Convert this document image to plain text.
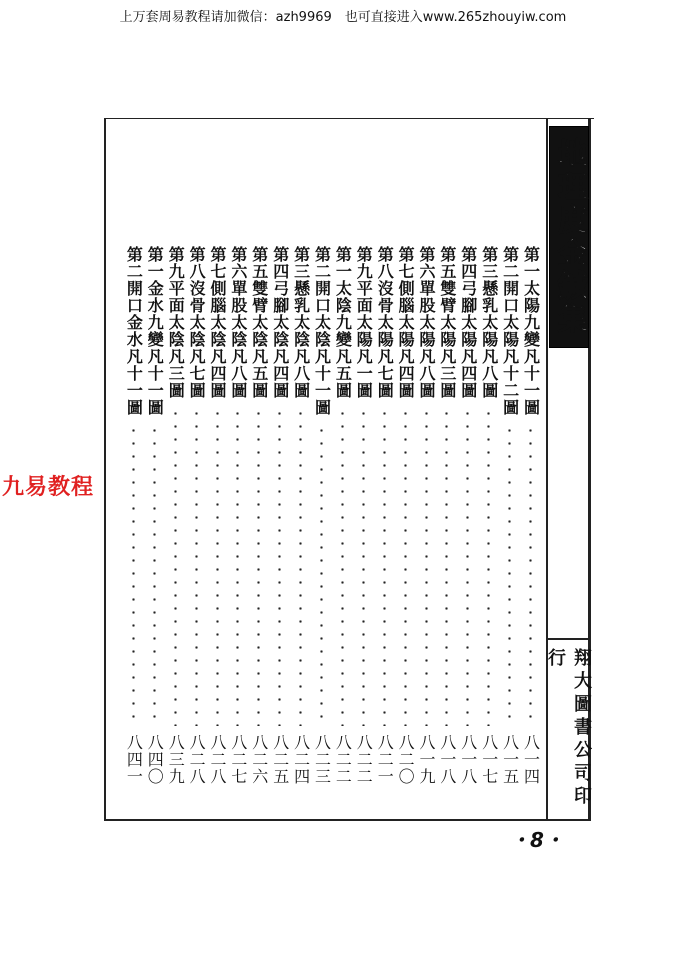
上万套周易教程请加微信：azh9969　也可直接进入www.265zhouyiw.com
九易教程
地理度金鍼集
翔大圖書公司印行
第一太陽九變凡十一圖
八一四
第二開口太陽凡十二圖
八一五
第三懸乳太陽凡八圖
八一七
第四弓腳太陽凡四圖
八一八
第五雙臂太陽凡三圖
八一八
第六單股太陽凡八圖
八一九
第七側腦太陽凡四圖
八二〇
第八沒骨太陽凡七圖
八二一
第九平面太陽凡一圖
八二二
第一太陰九變凡五圖
八二二
第二開口太陰凡十一圖
八二三
第三懸乳太陰凡八圖
八二四
第四弓腳太陰凡四圖
八二五
第五雙臂太陰凡五圖
八二六
第六單股太陰凡八圖
八二七
第七側腦太陰凡四圖
八二八
第八沒骨太陰凡七圖
八二八
第九平面太陰凡三圖
八三九
第一金水九變凡十一圖
八四〇
第二開口金水凡十一圖
八四一
・8・
